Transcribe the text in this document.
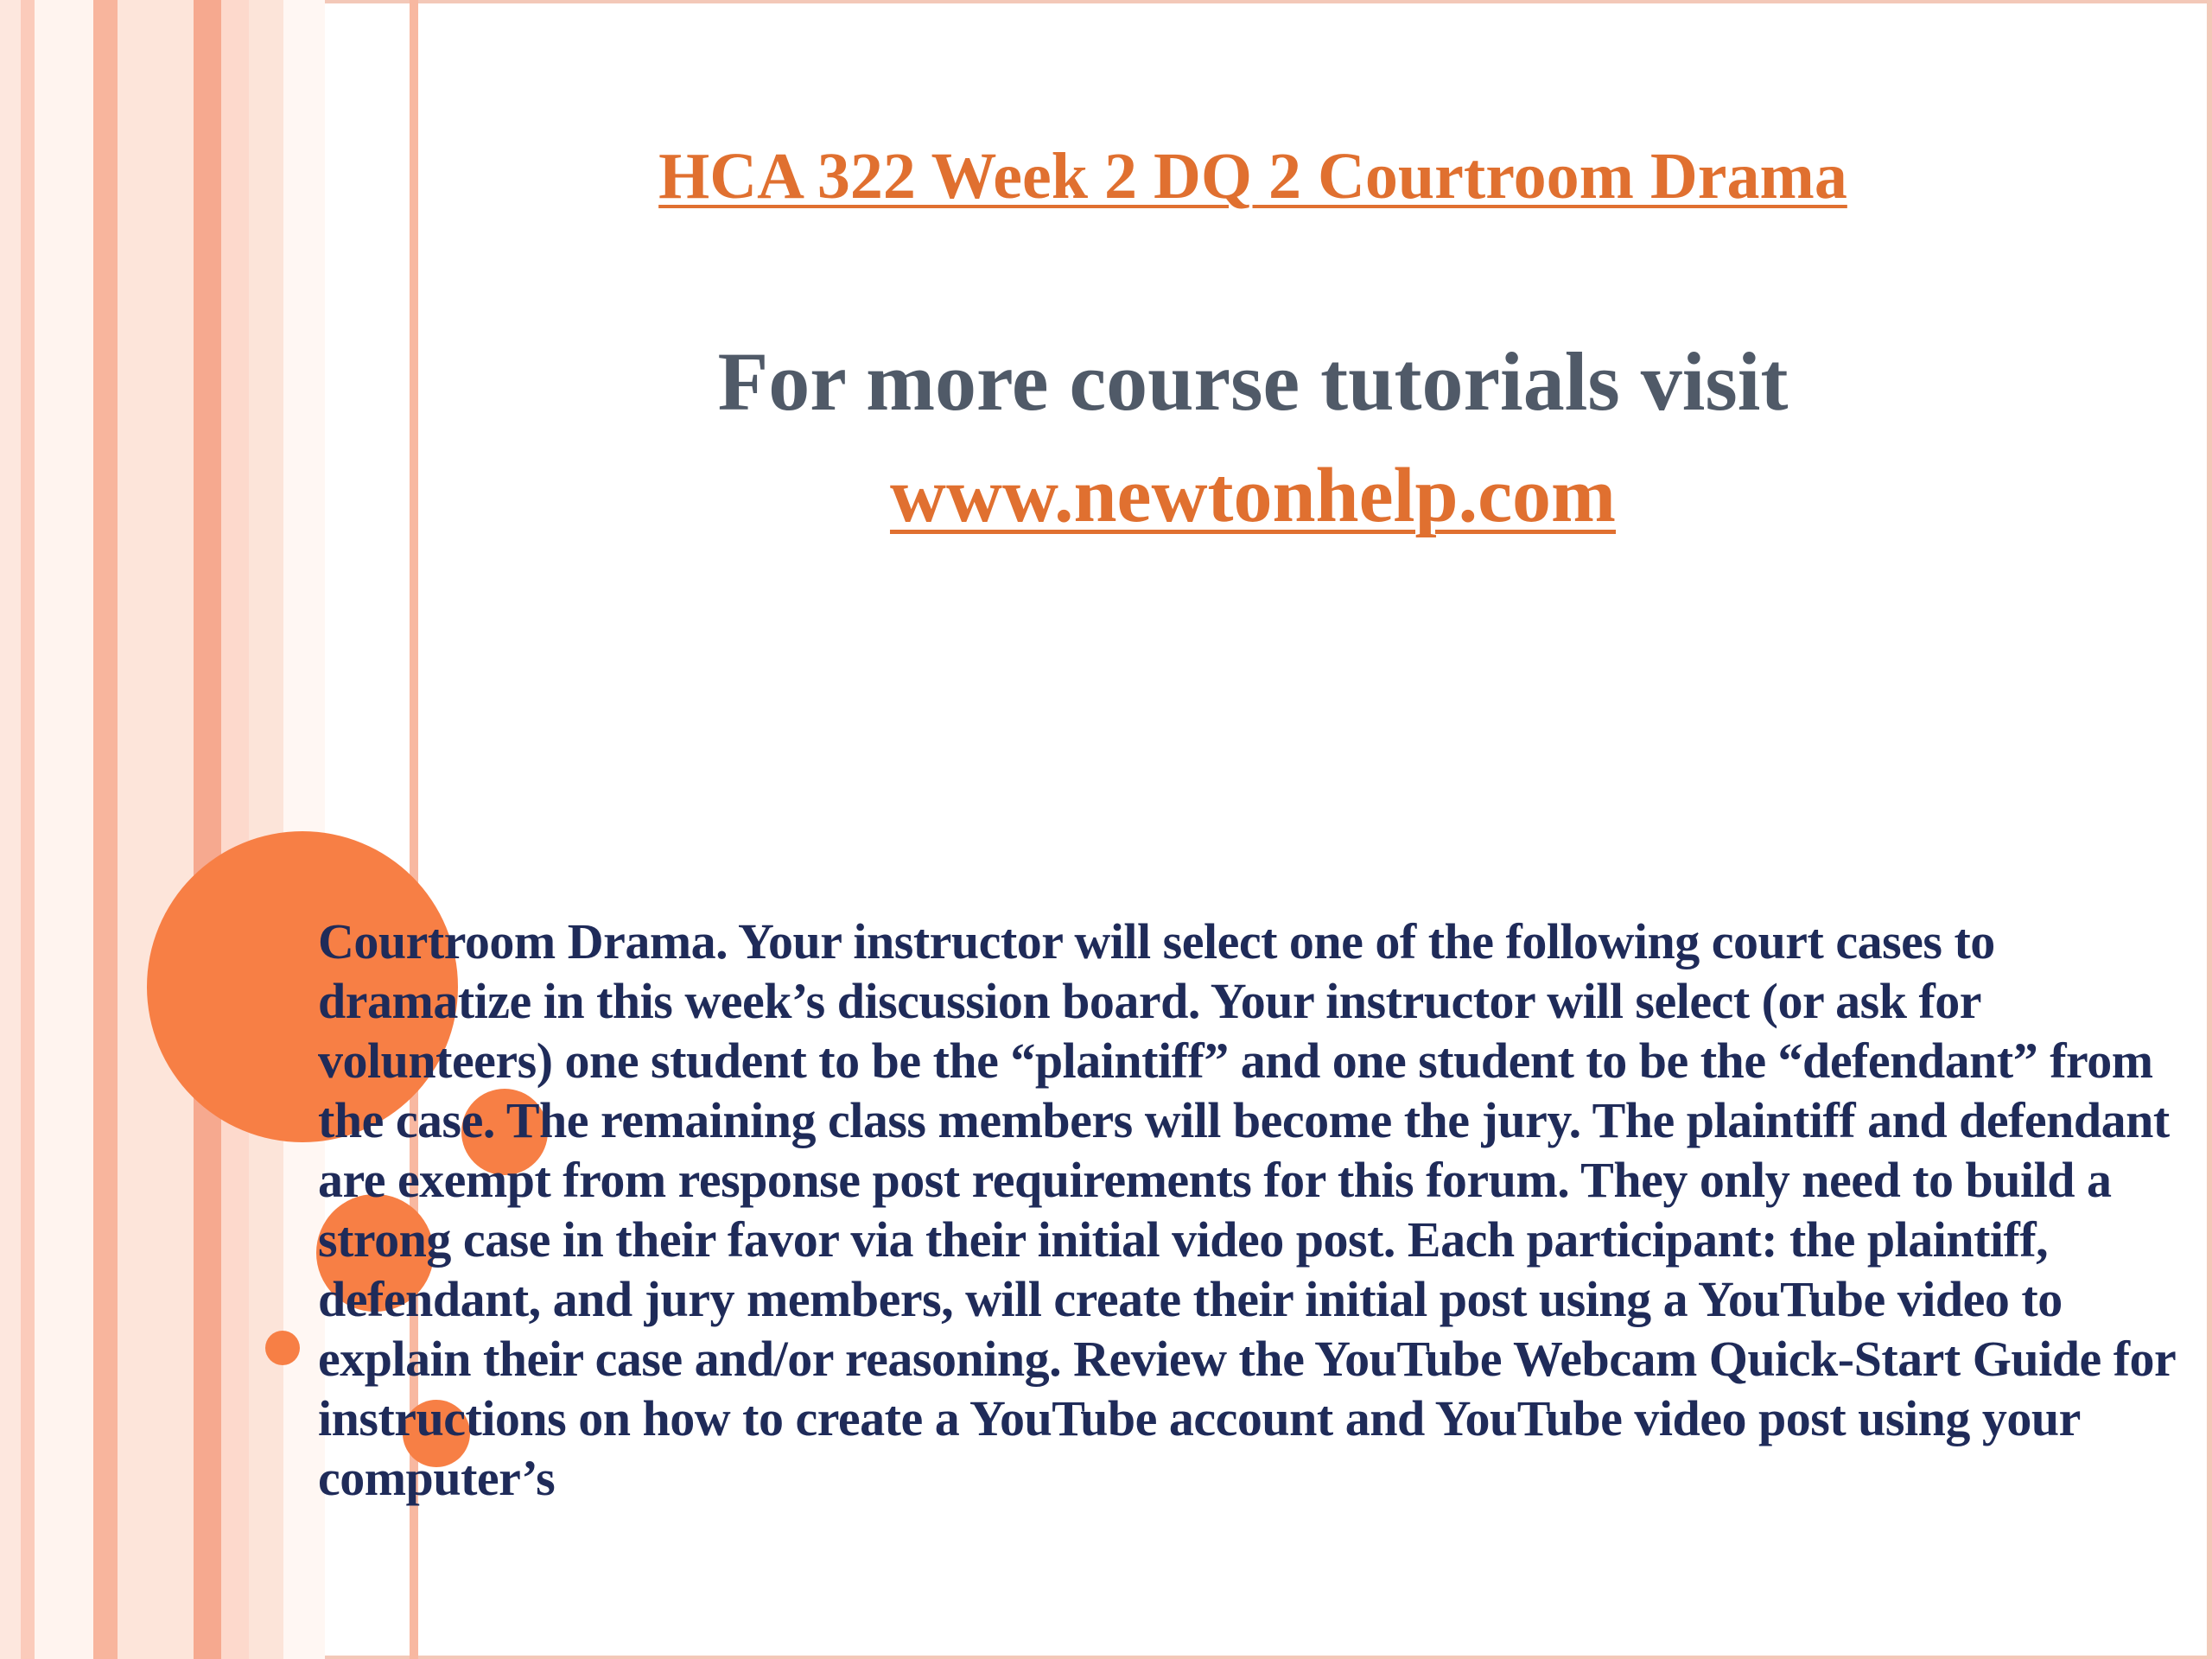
HCA 322 Week 2 DQ 2 Courtroom Drama
For more course tutorials visit
www.newtonhelp.com
Courtroom Drama. Your instructor will select one of the following court cases to dramatize in this week’s discussion board. Your instructor will select (or ask for volunteers) one student to be the “plaintiff” and one student to be the “defendant” from the case. The remaining class members will become the jury. The plaintiff and defendant are exempt from response post requirements for this forum. They only need to build a strong case in their favor via their initial video post. Each participant: the plaintiff, defendant, and jury members, will create their initial post using a YouTube video to explain their case and/or reasoning. Review the YouTube Webcam Quick-Start Guide for instructions on how to create a YouTube account and YouTube video post using your computer’s
